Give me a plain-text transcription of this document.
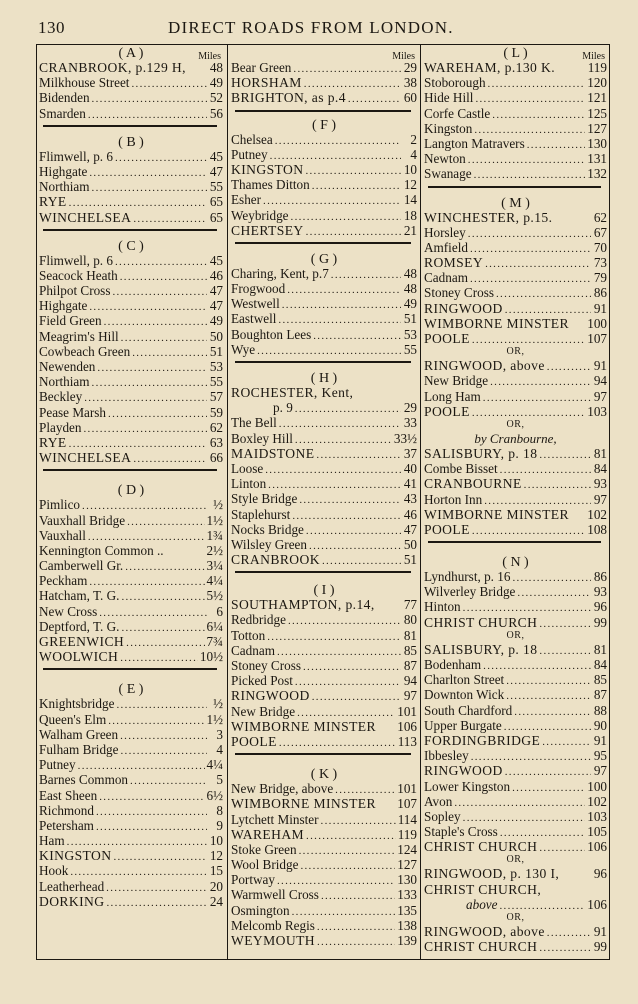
130	DIRECT ROADS FROM LONDON.
( A )	Miles
CRANBROOK, p.129 H, 48
Milkhouse Street .....	49
Bidenden .....	52
Smarden .....	56
( B )
Flimwell, p. 6 .....	45
Highgate .....	47
Northiam .....	55
RYE .....	65
WINCHELSEA .....	65
( C )
Flimwell, p. 6 .....	45
Seacock Heath .....	46
Philpot Cross .....	47
Highgate .....	47
Field Green .....	49
Meagrim's Hill .....	50
Cowbeach Green .....	51
Newenden .....	53
Northiam .....	55
Beckley .....	57
Pease Marsh .....	59
Playden .....	62
RYE .....	63
WINCHELSEA .....	66
( D )
Pimlico .....	½
Vauxhall Bridge .....	1½
Vauxhall .....	1¾
Kennington Common ..	2½
Camberwell Gr. .....	3¼
Peckham .....	4¼
Hatcham, T. G. .....	5½
New Cross .....	6
Deptford, T. G. .....	6¼
GREENWICH .....	7¾
WOOLWICH .....	10½
( E )
Knightsbridge .....	½
Queen's Elm .....	1½
Walham Green .....	3
Fulham Bridge .....	4
Putney .....	4¼
Barnes Common .....	5
East Sheen .....	6½
Richmond .....	8
Petersham .....	9
Ham .....	10
KINGSTON .....	12
Hook .....	15
Leatherhead .....	20
DORKING .....	24
Miles
Bear Green .....	29
HORSHAM .....	38
BRIGHTON, as p.4 .....	60
( F )
Chelsea .....	2
Putney .....	4
KINGSTON .....	10
Thames Ditton .....	12
Esher .....	14
Weybridge .....	18
CHERTSEY .....	21
( G )
Charing, Kent, p.7 .....	48
Frogwood .....	48
Westwell .....	49
Eastwell .....	51
Boughton Lees .....	53
Wye .....	55
( H )
ROCHESTER, Kent,
p. 9 .....	29
The Bell .....	33
Boxley Hill .....	33½
MAIDSTONE .....	37
Loose .....	40
Linton .....	41
Style Bridge .....	43
Staplehurst .....	46
Nocks Bridge .....	47
Wilsley Green .....	50
CRANBROOK .....	51
( I )
SOUTHAMPTON, p.14, 77
Redbridge .....	80
Totton .....	81
Cadnam .....	85
Stoney Cross .....	87
Picked Post .....	94
RINGWOOD .....	97
New Bridge .....	101
WIMBORNE MINSTER 106
POOLE .....	113
( K )
New Bridge, above .....	101
WIMBORNE MINSTER 107
Lytchett Minster .....	114
WAREHAM .....	119
Stoke Green .....	124
Wool Bridge .....	127
Portway .....	130
Warmwell Cross .....	133
Osmington .....	135
Melcomb Regis .....	138
WEYMOUTH .....	139
( L )	Miles
WAREHAM, p.130 K. 119
Stoborough .....	120
Hide Hill .....	121
Corfe Castle .....	125
Kingston .....	127
Langton Matravers .....	130
Newton .....	131
Swanage .....	132
( M )
WINCHESTER, p.15.	62
Horsley .....	67
Amfield .....	70
ROMSEY .....	73
Cadnam .....	79
Stoney Cross .....	86
RINGWOOD .....	91
WIMBORNE MINSTER 100
POOLE .....	107
OR,
RINGWOOD, above .....	91
New Bridge .....	94
Long Ham .....	97
POOLE .....	103
OR,
by Cranbourne,
SALISBURY, p. 18 .....	81
Combe Bisset .....	84
CRANBOURNE .....	93
Horton Inn .....	97
WIMBORNE MINSTER 102
POOLE .....	108
( N )
Lyndhurst, p. 16 .....	86
Wilverley Bridge .....	93
Hinton .....	96
CHRIST CHURCH .....	99
OR,
SALISBURY, p. 18 .....	81
Bodenham .....	84
Charlton Street .....	85
Downton Wick .....	87
South Chardford .....	88
Upper Burgate .....	90
FORDINGBRIDGE .....	91
Ibbesley .....	95
RINGWOOD .....	97
Lower Kingston .....	100
Avon .....	102
Sopley .....	103
Staple's Cross .....	105
CHRIST CHURCH .....	106
OR,
RINGWOOD, p. 130 I,	96
CHRIST CHURCH,
above .....	106
OR,
RINGWOOD, above .....	91
CHRIST CHURCH .....	99
